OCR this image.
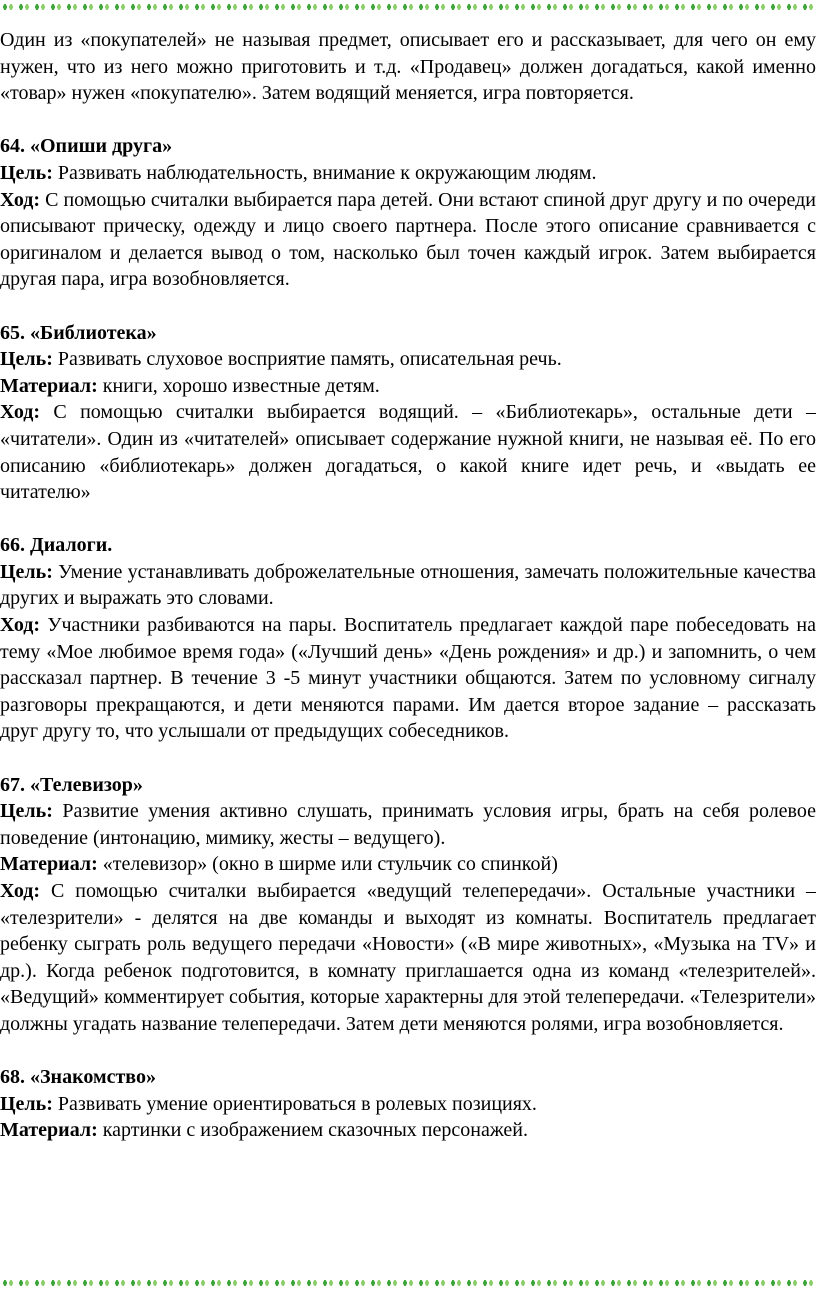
Один из «покупателей» не называя предмет, описывает его и рассказывает, для чего он ему нужен, что из него можно приготовить и т.д. «Продавец» должен догадаться, какой именно «товар» нужен «покупателю». Затем водящий меняется, игра повторяется.

64. «Опиши друга»

Цель: Развивать наблюдательность, внимание к окружающим людям.

Ход: С помощью считалки выбирается пара детей. Они встают спиной друг другу и по очереди описывают прическу, одежду и лицо своего партнера. После этого описание сравнивается с оригиналом и делается вывод о том, насколько был точен каждый игрок. Затем выбирается другая пара, игра возобновляется.

65. «Библиотека»

Цель: Развивать слуховое восприятие память, описательная речь.

Материал: книги, хорошо известные детям.

Ход: С помощью считалки выбирается водящий. – «Библиотекарь», остальные дети – «читатели». Один из «читателей» описывает содержание нужной книги, не называя её. По его описанию «библиотекарь» должен догадаться, о какой книге идет речь, и «выдать ее читателю»

66. Диалоги.

Цель: Умение устанавливать доброжелательные отношения, замечать положительные качества других и выражать это словами.

Ход: Участники разбиваются на пары. Воспитатель предлагает каждой паре побеседовать на тему «Мое любимое время года» («Лучший день» «День рождения» и др.) и запомнить, о чем рассказал партнер. В течение 3 -5 минут участники общаются. Затем по условному сигналу разговоры прекращаются, и дети меняются парами. Им дается второе задание – рассказать друг другу то, что услышали от предыдущих собеседников.

67. «Телевизор»

Цель: Развитие умения активно слушать, принимать условия игры, брать на себя ролевое поведение (интонацию, мимику, жесты – ведущего).

Материал: «телевизор» (окно в ширме или стульчик со спинкой)

Ход: С помощью считалки выбирается «ведущий телепередачи». Остальные участники – «телезрители» - делятся на две команды и выходят из комнаты. Воспитатель предлагает ребенку сыграть роль ведущего передачи «Новости» («В мире животных», «Музыка на TV» и др.). Когда ребенок подготовится, в комнату приглашается одна из команд «телезрителей». «Ведущий» комментирует события, которые характерны для этой телепередачи. «Телезрители» должны угадать название телепередачи. Затем дети меняются ролями, игра возобновляется.

68. «Знакомство»

Цель: Развивать умение ориентироваться в ролевых позициях.

Материал: картинки с изображением сказочных персонажей.
